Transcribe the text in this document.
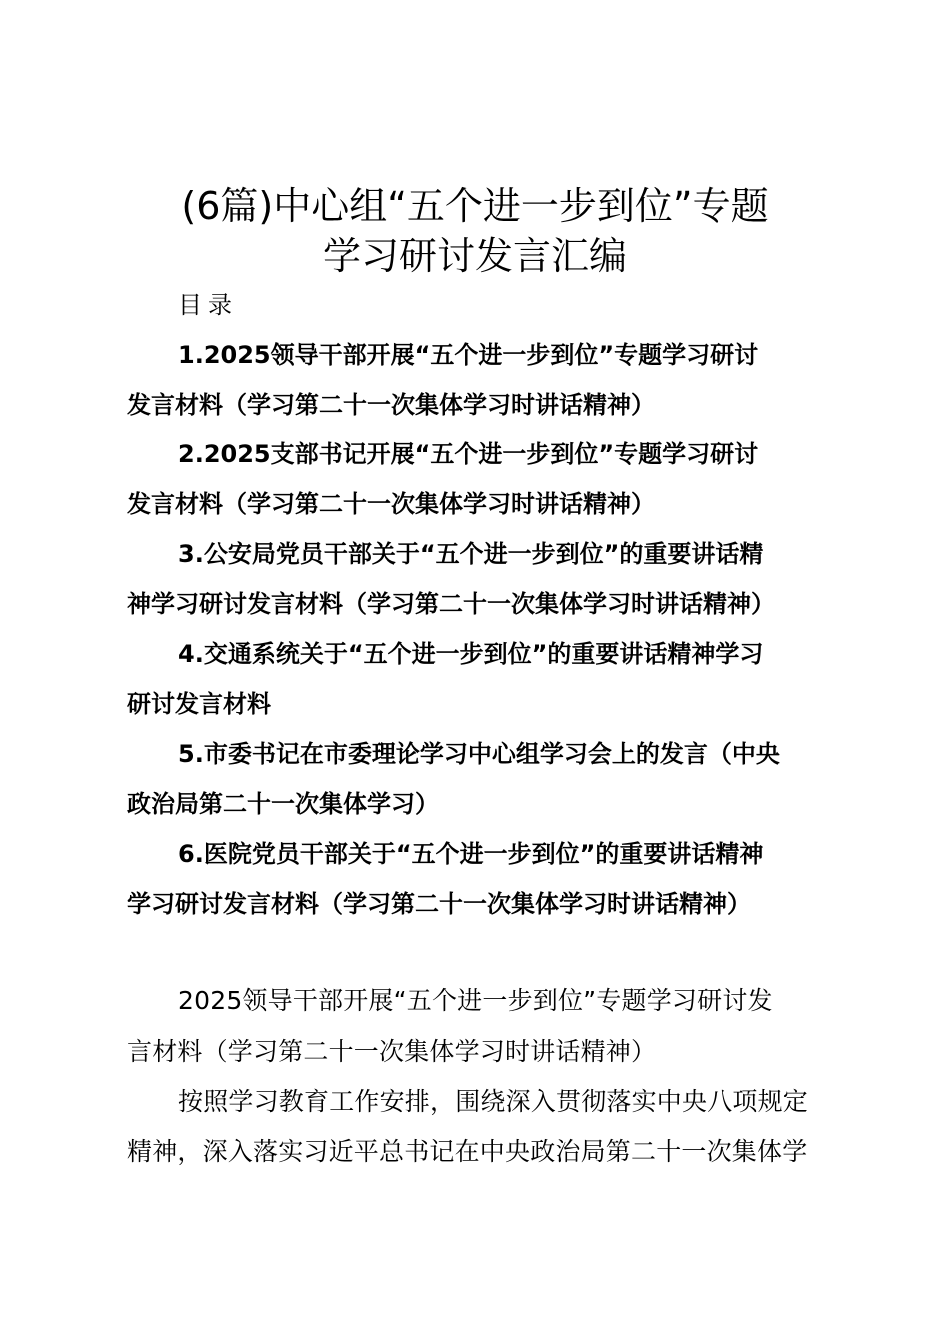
(6篇)中心组“五个进一步到位”专题
学习研讨发言汇编
目录
1.2025领导干部开展“五个进一步到位”专题学习研讨
发言材料（学习第二十一次集体学习时讲话精神）
2.2025支部书记开展“五个进一步到位”专题学习研讨
发言材料（学习第二十一次集体学习时讲话精神）
3.公安局党员干部关于“五个进一步到位”的重要讲话精
神学习研讨发言材料（学习第二十一次集体学习时讲话精神）
4.交通系统关于“五个进一步到位”的重要讲话精神学习
研讨发言材料
5.市委书记在市委理论学习中心组学习会上的发言（中央
政治局第二十一次集体学习）
6.医院党员干部关于“五个进一步到位”的重要讲话精神
学习研讨发言材料（学习第二十一次集体学习时讲话精神）
2025领导干部开展“五个进一步到位”专题学习研讨发
言材料（学习第二十一次集体学习时讲话精神）
按照学习教育工作安排，围绕深入贯彻落实中央八项规定
精神，深入落实习近平总书记在中央政治局第二十一次集体学
